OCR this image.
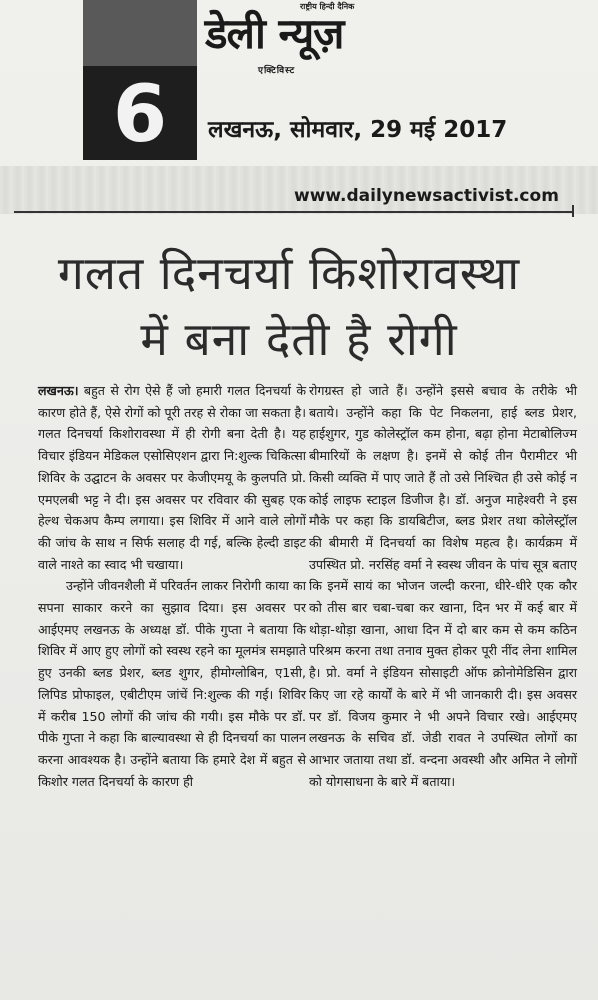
6
राष्ट्रीय हिन्दी दैनिक
डेली न्यूज़
एक्टिविस्ट
लखनऊ, सोमवार, 29 मई 2017
www.dailynewsactivist.com
गलत दिनचर्या किशोरावस्था
में बना देती है रोगी

लखनऊ। बहुत से रोग ऐसे हैं जो हमारी गलत दिनचर्या के कारण होते हैं, ऐसे रोगों को पूरी तरह से रोका जा सकता है। गलत दिनचर्या किशोरावस्था में ही रोगी बना देती है। यह विचार इंडियन मेडिकल एसोसिएशन द्वारा नि:शुल्क चिकित्सा शिविर के उद्घाटन के अवसर पर केजीएमयू के कुलपति प्रो. एमएलबी भट्ट ने दी। इस अवसर पर रविवार की सुबह एक हेल्थ चेकअप कैम्प लगाया। इस शिविर में आने वाले लोगों की जांच के साथ न सिर्फ सलाह दी गई, बल्कि हेल्दी डाइट वाले नाश्ते का स्वाद भी चखाया।

उन्होंने जीवनशैली में परिवर्तन लाकर निरोगी काया का सपना साकार करने का सुझाव दिया। इस अवसर पर आईएमए लखनऊ के अध्यक्ष डॉ. पीके गुप्ता ने बताया कि शिविर में आए हुए लोगों को स्वस्थ रहने का मूलमंत्र समझाते हुए उनकी ब्लड प्रेशर, ब्लड शुगर, हीमोग्लोबिन, ए1सी, लिपिड प्रोफाइल, एबीटीएम जांचें नि:शुल्क की गई। शिविर में करीब 150 लोगों की जांच की गयी। इस मौके पर डॉ. पीके गुप्ता ने कहा कि बाल्यावस्था से ही दिनचर्या का पालन करना आवश्यक है। उन्होंने बताया कि हमारे देश में बहुत से किशोर गलत दिनचर्या के कारण ही

रोगग्रस्त हो जाते हैं। उन्होंने इससे बचाव के तरीके भी बताये। उन्होंने कहा कि पेट निकलना, हाई ब्लड प्रेशर, हाईशुगर, गुड कोलेस्ट्रॉल कम होना, बढ़ा होना मेटाबोलिज्म बीमारियों के लक्षण है। इनमें से कोई तीन पैरामीटर भी किसी व्यक्ति में पाए जाते हैं तो उसे निश्चित ही उसे कोई न कोई लाइफ स्टाइल डिजीज है। डॉ. अनुज माहेश्वरी ने इस मौके पर कहा कि डायबिटीज, ब्लड प्रेशर तथा कोलेस्ट्रॉल की बीमारी में दिनचर्या का विशेष महत्व है। कार्यक्रम में उपस्थित प्रो. नरसिंह वर्मा ने स्वस्थ जीवन के पांच सूत्र बताए कि इनमें सायं का भोजन जल्दी करना, धीरे-धीरे एक कौर को तीस बार चबा-चबा कर खाना, दिन भर में कई बार में थोड़ा-थोड़ा खाना, आधा दिन में दो बार कम से कम कठिन परिश्रम करना तथा तनाव मुक्त होकर पूरी नींद लेना शामिल है। प्रो. वर्मा ने इंडियन सोसाइटी ऑफ क्रोनोमेडिसिन द्वारा किए जा रहे कार्यों के बारे में भी जानकारी दी। इस अवसर पर डॉ. विजय कुमार ने भी अपने विचार रखे। आईएमए लखनऊ के सचिव डॉ. जेडी रावत ने उपस्थित लोगों का आभार जताया तथा डॉ. वन्दना अवस्थी और अमित ने लोगों को योगसाधना के बारे में बताया।
